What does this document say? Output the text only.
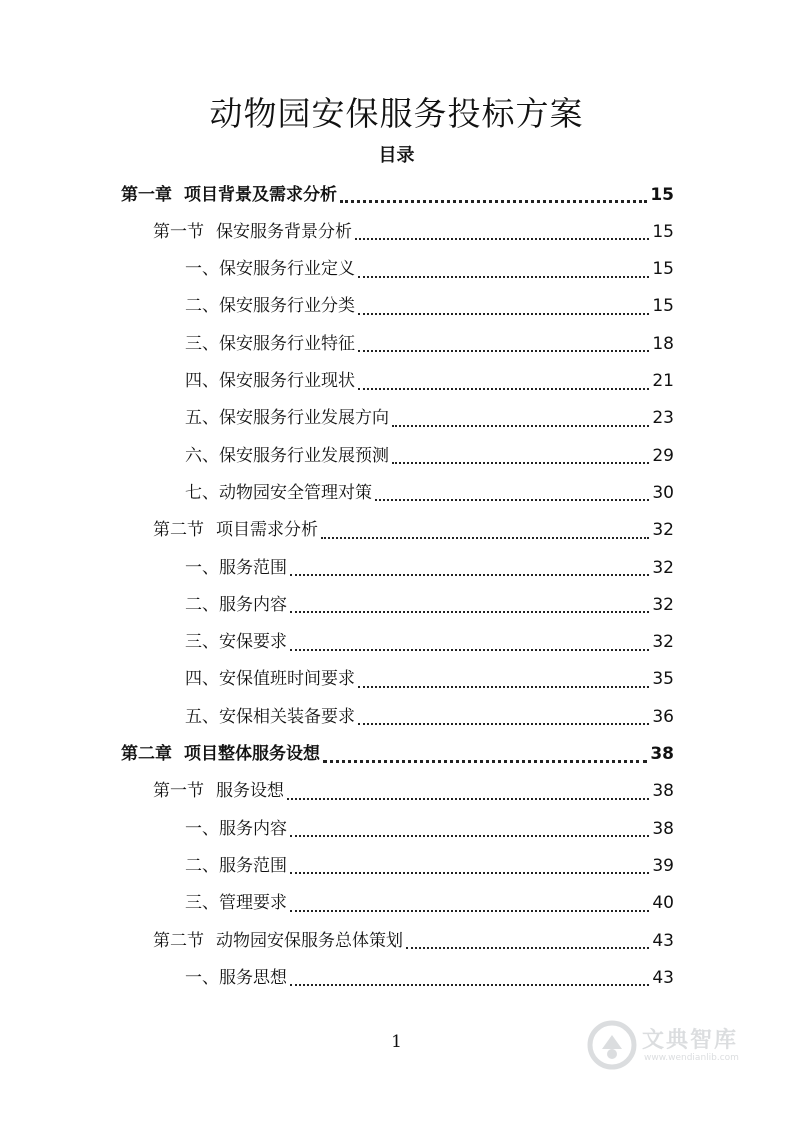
动物园安保服务投标方案
目录
第一章 项目背景及需求分析	15
第一节 保安服务背景分析	15
一、 保安服务行业定义	15
二、 保安服务行业分类	15
三、 保安服务行业特征	18
四、 保安服务行业现状	21
五、 保安服务行业发展方向	23
六、 保安服务行业发展预测	29
七、 动物园安全管理对策	30
第二节 项目需求分析	32
一、 服务范围	32
二、 服务内容	32
三、 安保要求	32
四、 安保值班时间要求	35
五、 安保相关装备要求	36
第二章 项目整体服务设想	38
第一节 服务设想	38
一、 服务内容	38
二、 服务范围	39
三、 管理要求	40
第二节 动物园安保服务总体策划	43
一、 服务思想	43
1	文典智库
www.wendianlib.com
